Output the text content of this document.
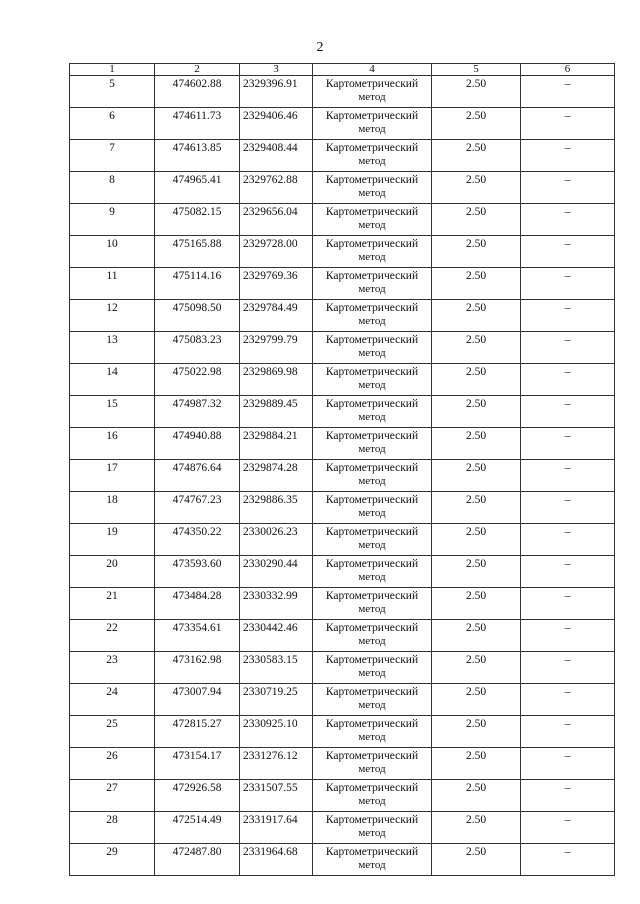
2
1	2	3	4	5	6
5	474602.88	2329396.91	Картометрический
метод	2.50	–
6	474611.73	2329406.46	Картометрический
метод	2.50	–
7	474613.85	2329408.44	Картометрический
метод	2.50	–
8	474965.41	2329762.88	Картометрический
метод	2.50	–
9	475082.15	2329656.04	Картометрический
метод	2.50	–
10	475165.88	2329728.00	Картометрический
метод	2.50	–
11	475114.16	2329769.36	Картометрический
метод	2.50	–
12	475098.50	2329784.49	Картометрический
метод	2.50	–
13	475083.23	2329799.79	Картометрический
метод	2.50	–
14	475022.98	2329869.98	Картометрический
метод	2.50	–
15	474987.32	2329889.45	Картометрический
метод	2.50	–
16	474940.88	2329884.21	Картометрический
метод	2.50	–
17	474876.64	2329874.28	Картометрический
метод	2.50	–
18	474767.23	2329886.35	Картометрический
метод	2.50	–
19	474350.22	2330026.23	Картометрический
метод	2.50	–
20	473593.60	2330290.44	Картометрический
метод	2.50	–
21	473484.28	2330332.99	Картометрический
метод	2.50	–
22	473354.61	2330442.46	Картометрический
метод	2.50	–
23	473162.98	2330583.15	Картометрический
метод	2.50	–
24	473007.94	2330719.25	Картометрический
метод	2.50	–
25	472815.27	2330925.10	Картометрический
метод	2.50	–
26	473154.17	2331276.12	Картометрический
метод	2.50	–
27	472926.58	2331507.55	Картометрический
метод	2.50	–
28	472514.49	2331917.64	Картометрический
метод	2.50	–
29	472487.80	2331964.68	Картометрический
метод	2.50	–
